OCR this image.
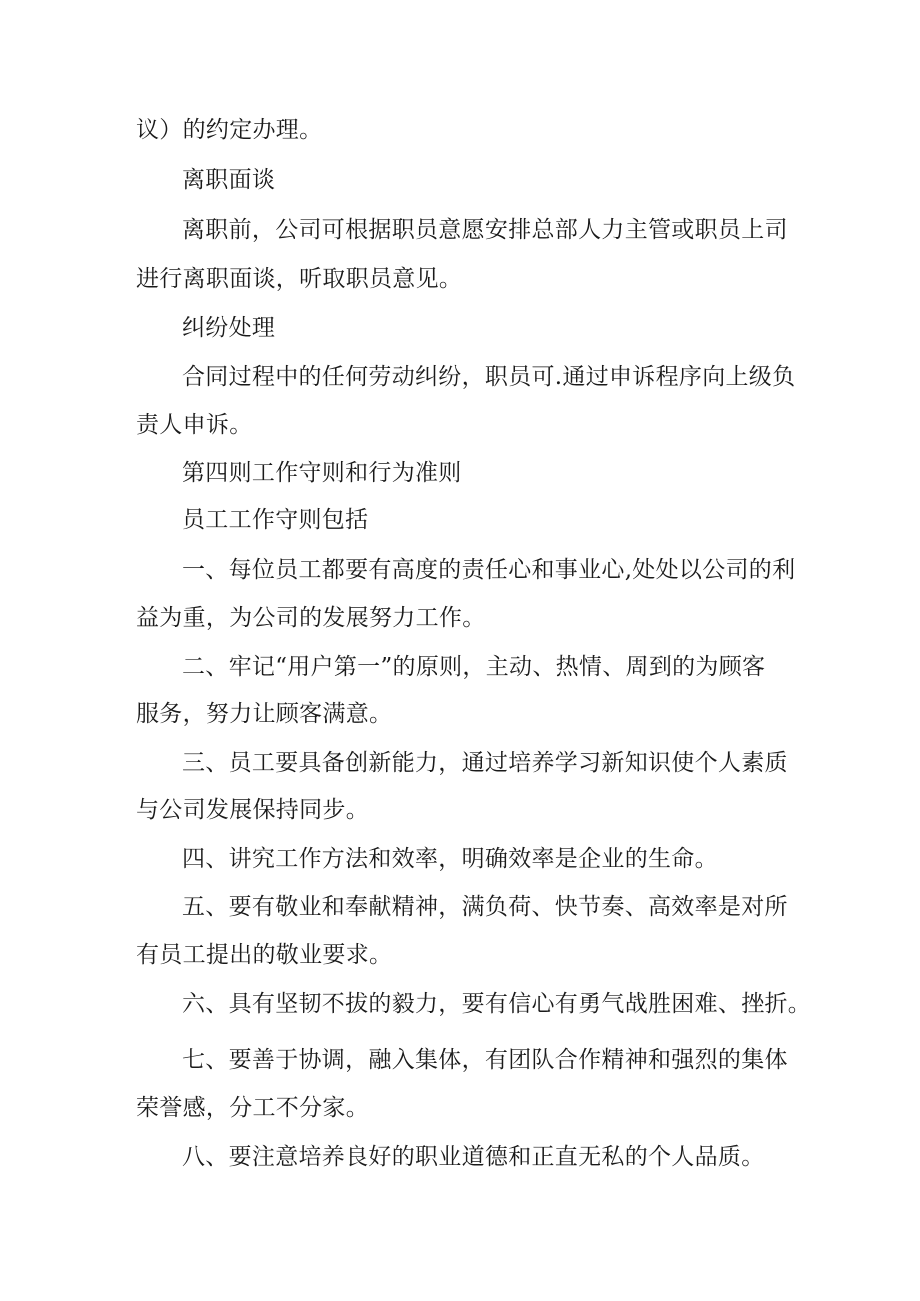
议）的约定办理。

离职面谈

离职前，公司可根据职员意愿安排总部人力主管或职员上司

进行离职面谈，听取职员意见。

纠纷处理

合同过程中的任何劳动纠纷，职员可.通过申诉程序向上级负

责人申诉。

第四则工作守则和行为准则

员工工作守则包括

一、每位员工都要有高度的责任心和事业心,处处以公司的利

益为重，为公司的发展努力工作。

二、牢记“用户第一”的原则，主动、热情、周到的为顾客

服务，努力让顾客满意。

三、员工要具备创新能力，通过培养学习新知识使个人素质

与公司发展保持同步。

四、讲究工作方法和效率，明确效率是企业的生命。

五、要有敬业和奉献精神，满负荷、快节奏、高效率是对所

有员工提出的敬业要求。

六、具有坚韧不拔的毅力，要有信心有勇气战胜困难、挫折。

七、要善于协调，融入集体，有团队合作精神和强烈的集体

荣誉感，分工不分家。

八、要注意培养良好的职业道德和正直无私的个人品质。
